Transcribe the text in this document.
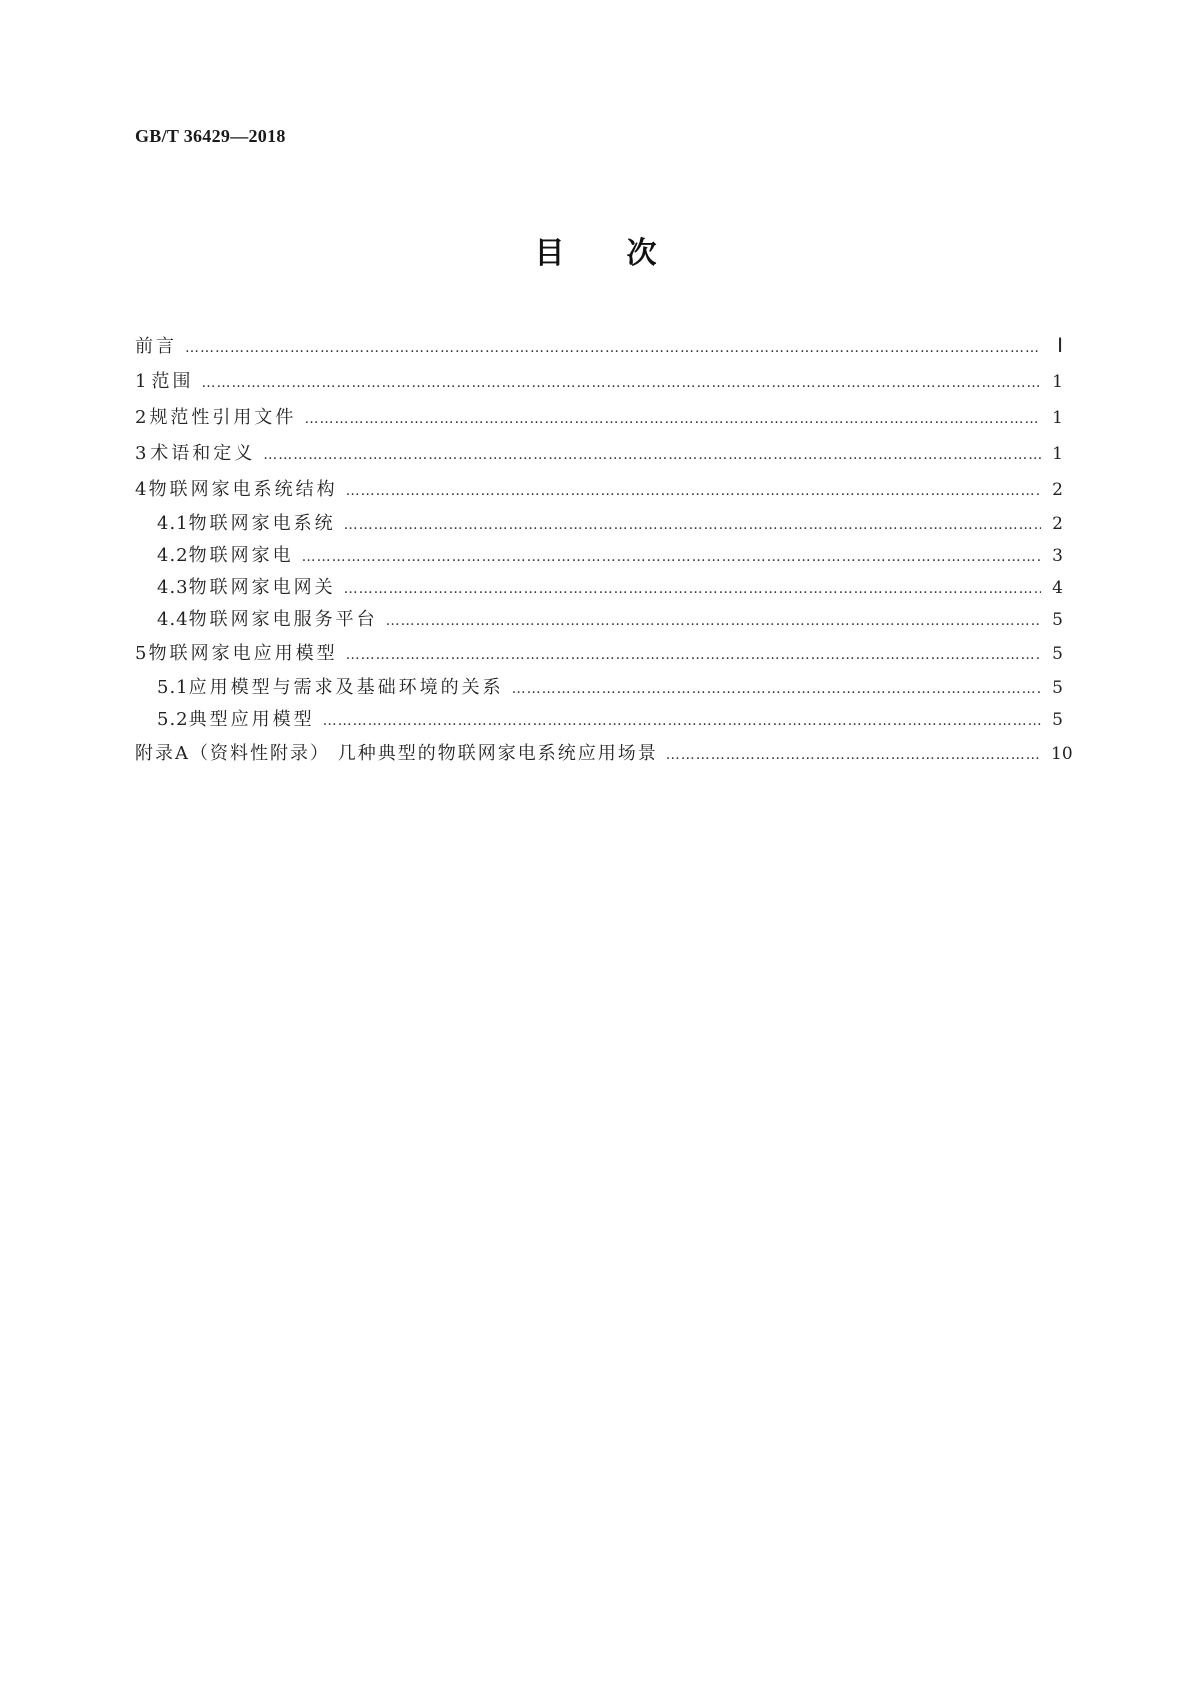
GB/T 36429—2018
目次
前言 ………………………………………………………………………………………………………………………………………………………………………………………………………………………………………………………………………………	Ⅰ
1 范围 ………………………………………………………………………………………………………………………………………………………………………………………………………………………………………………………………………………	1
2 规范性引用文件 ………………………………………………………………………………………………………………………………………………………………………………………………………………………………………………………………………………	1
3 术语和定义 ………………………………………………………………………………………………………………………………………………………………………………………………………………………………………………………………………………	1
4 物联网家电系统结构 ………………………………………………………………………………………………………………………………………………………………………………………………………………………………………………………………………………	2
4.1 物联网家电系统 ………………………………………………………………………………………………………………………………………………………………………………………………………………………………………………………………………………	2
4.2 物联网家电 ………………………………………………………………………………………………………………………………………………………………………………………………………………………………………………………………………………	3
4.3 物联网家电网关 ………………………………………………………………………………………………………………………………………………………………………………………………………………………………………………………………………………	4
4.4 物联网家电服务平台 ………………………………………………………………………………………………………………………………………………………………………………………………………………………………………………………………………………	5
5 物联网家电应用模型 ………………………………………………………………………………………………………………………………………………………………………………………………………………………………………………………………………………	5
5.1 应用模型与需求及基础环境的关系 ………………………………………………………………………………………………………………………………………………………………………………………………………………………………………………………………………………	5
5.2 典型应用模型 ………………………………………………………………………………………………………………………………………………………………………………………………………………………………………………………………………………	5
附录A（资料性附录） 几种典型的物联网家电系统应用场景 ………………………………………………………………………………………………………………………………………………………………………………………………………………………………………………………………………………	10
